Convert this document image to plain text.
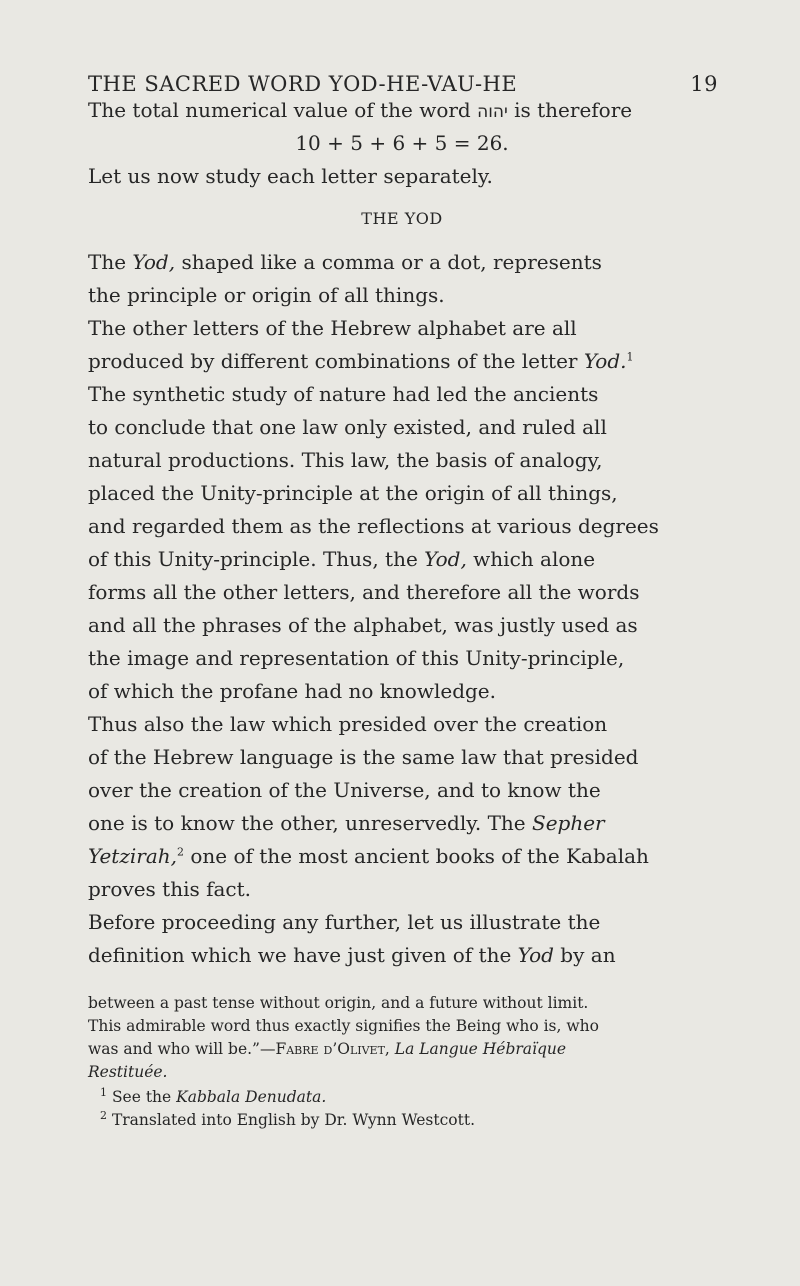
THE SACRED WORD YOD-HE-VAU-HE	19
The total numerical value of the word יהוה is therefore
10 + 5 + 6 + 5 = 26.
Let us now study each letter separately.
THE YOD
The Yod, shaped like a comma or a dot, represents
the principle or origin of all things.
The other letters of the Hebrew alphabet are all
produced by different combinations of the letter Yod.$^1$
The synthetic study of nature had led the ancients
to conclude that one law only existed, and ruled all
natural productions. This law, the basis of analogy,
placed the Unity-principle at the origin of all things,
and regarded them as the reflections at various degrees
of this Unity-principle. Thus, the Yod, which alone
forms all the other letters, and therefore all the words
and all the phrases of the alphabet, was justly used as
the image and representation of this Unity-principle,
of which the profane had no knowledge.
Thus also the law which presided over the creation
of the Hebrew language is the same law that presided
over the creation of the Universe, and to know the
one is to know the other, unreservedly. The Sepher
Yetzirah,$^2$ one of the most ancient books of the Kabalah
proves this fact.
Before proceeding any further, let us illustrate the
definition which we have just given of the Yod by an
between a past tense without origin, and a future without limit.
This admirable word thus exactly signifies the Being who is, who
was and who will be.”—Fabre d’Olivet, La Langue Hébraïque
Restituée.
$^1$ See the Kabbala Denudata.
$^2$ Translated into English by Dr. Wynn Westcott.
